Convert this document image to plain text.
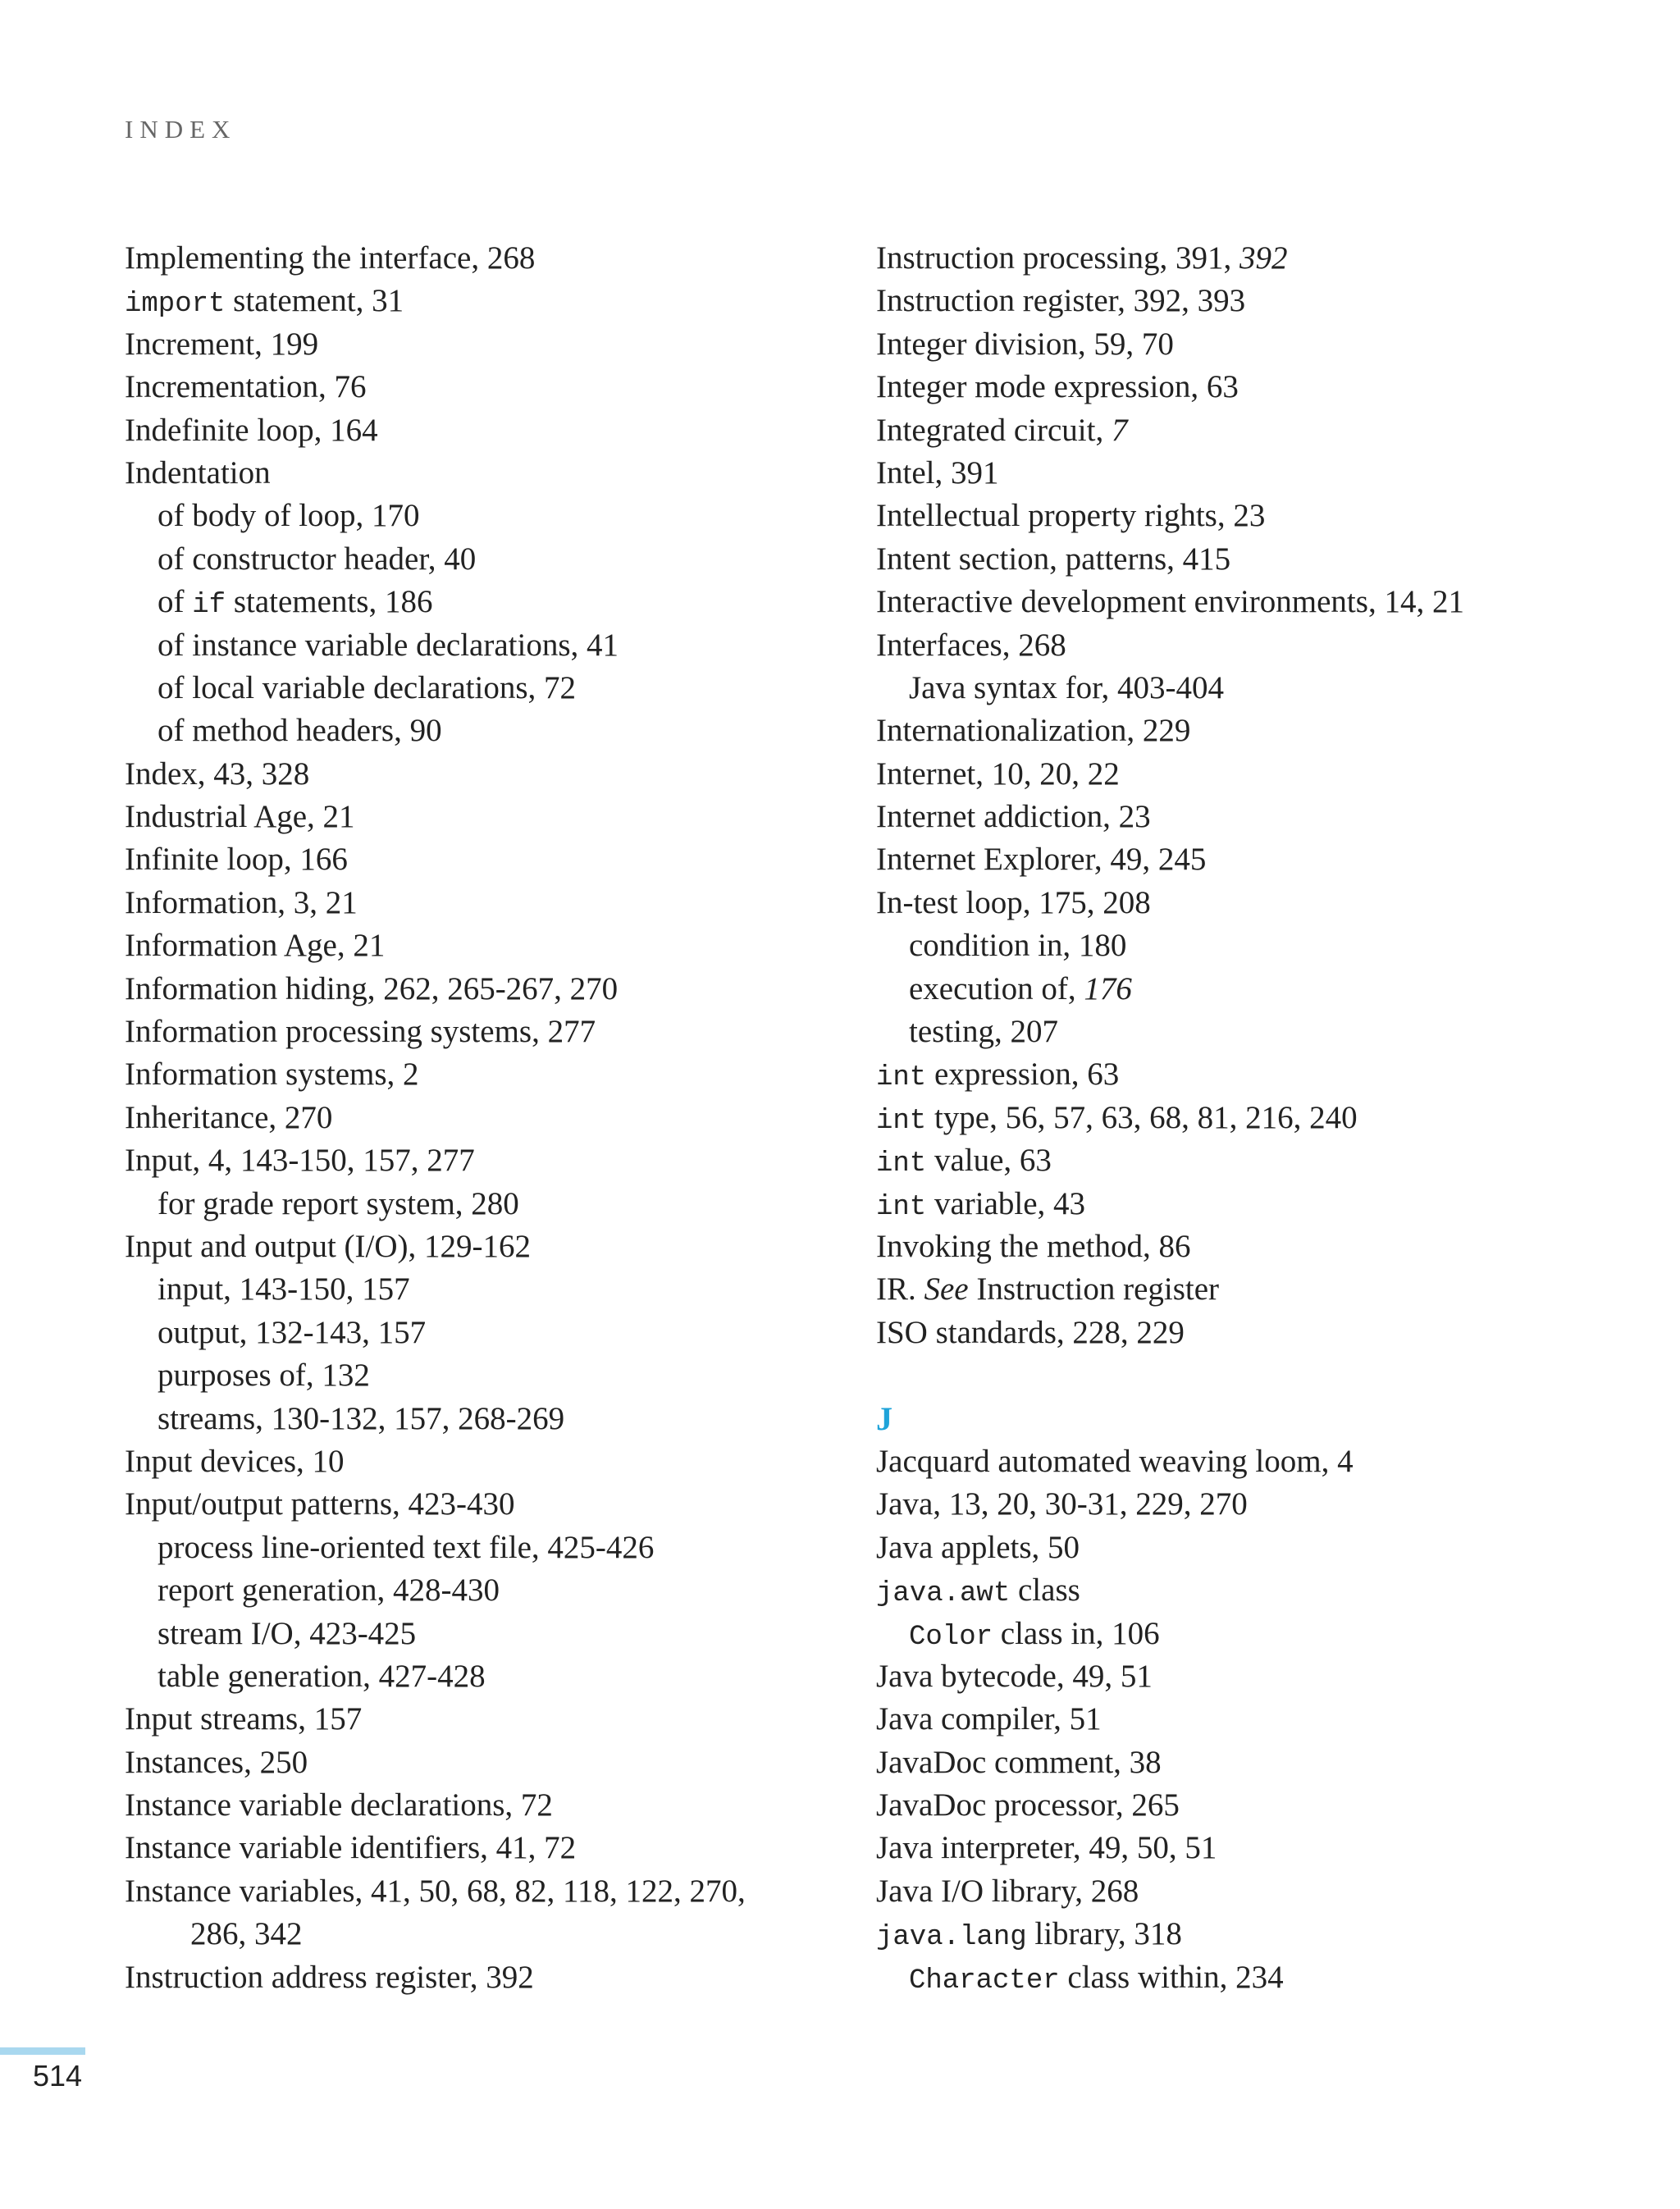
INDEX
Implementing the interface, 268
import statement, 31
Increment, 199
Incrementation, 76
Indefinite loop, 164
Indentation
of body of loop, 170
of constructor header, 40
of if statements, 186
of instance variable declarations, 41
of local variable declarations, 72
of method headers, 90
Index, 43, 328
Industrial Age, 21
Infinite loop, 166
Information, 3, 21
Information Age, 21
Information hiding, 262, 265-267, 270
Information processing systems, 277
Information systems, 2
Inheritance, 270
Input, 4, 143-150, 157, 277
for grade report system, 280
Input and output (I/O), 129-162
input, 143-150, 157
output, 132-143, 157
purposes of, 132
streams, 130-132, 157, 268-269
Input devices, 10
Input/output patterns, 423-430
process line-oriented text file, 425-426
report generation, 428-430
stream I/O, 423-425
table generation, 427-428
Input streams, 157
Instances, 250
Instance variable declarations, 72
Instance variable identifiers, 41, 72
Instance variables, 41, 50, 68, 82, 118, 122, 270,
286, 342
Instruction address register, 392
Instruction processing, 391, 392
Instruction register, 392, 393
Integer division, 59, 70
Integer mode expression, 63
Integrated circuit, 7
Intel, 391
Intellectual property rights, 23
Intent section, patterns, 415
Interactive development environments, 14, 21
Interfaces, 268
Java syntax for, 403-404
Internationalization, 229
Internet, 10, 20, 22
Internet addiction, 23
Internet Explorer, 49, 245
In-test loop, 175, 208
condition in, 180
execution of, 176
testing, 207
int expression, 63
int type, 56, 57, 63, 68, 81, 216, 240
int value, 63
int variable, 43
Invoking the method, 86
IR. See Instruction register
ISO standards, 228, 229
J
Jacquard automated weaving loom, 4
Java, 13, 20, 30-31, 229, 270
Java applets, 50
java.awt class
Color class in, 106
Java bytecode, 49, 51
Java compiler, 51
JavaDoc comment, 38
JavaDoc processor, 265
Java interpreter, 49, 50, 51
Java I/O library, 268
java.lang library, 318
Character class within, 234
514
